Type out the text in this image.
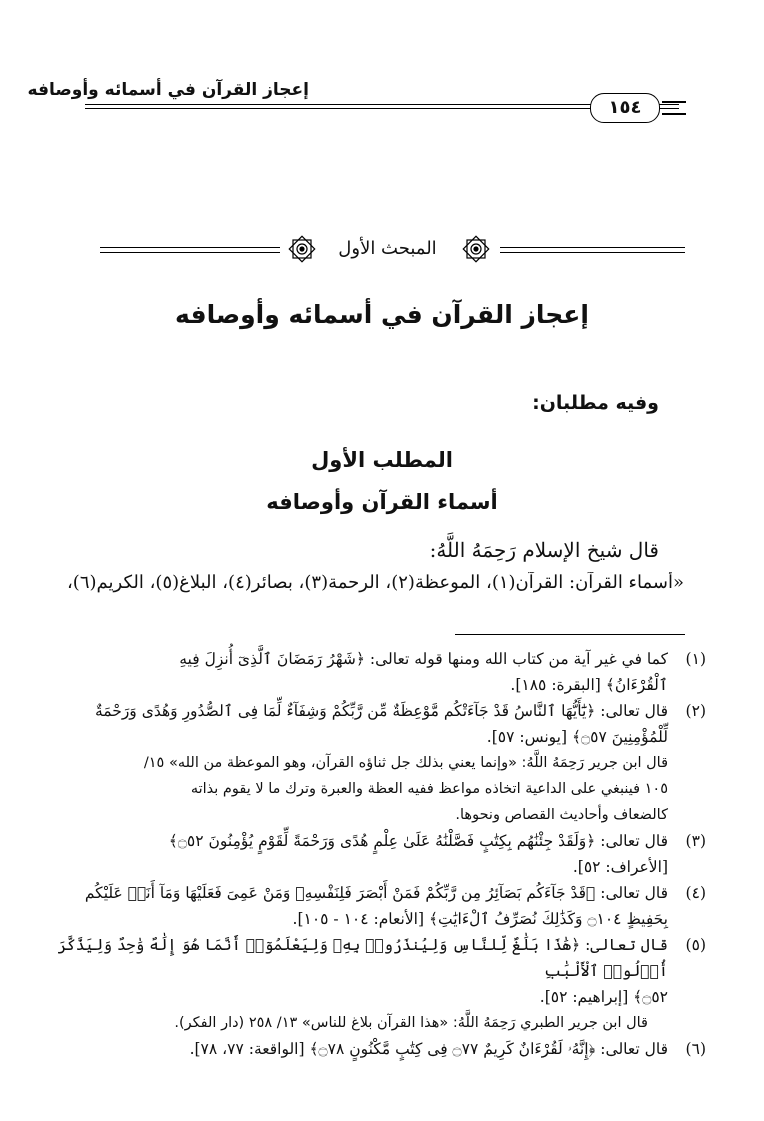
إعجاز القرآن في أسمائه وأوصافه
١٥٤
المبحث الأول
إعجاز القرآن في أسمائه وأوصافه
وفيه مطلبان:
المطلب الأول
أسماء القرآن وأوصافه
قال شيخ الإسلام رَحِمَهُ اللَّهُ:
«أسماء القرآن: القرآن(١)، الموعظة(٢)، الرحمة(٣)، بصائر(٤)، البلاغ(٥)، الكريم(٦)،
(١)
كما في غير آية من كتاب الله ومنها قوله تعالى: ﴿شَهْرُ رَمَضَانَ ٱلَّذِىٓ أُنزِلَ فِيهِ
ٱلْقُرْءَانُ﴾ [البقرة: ١٨٥].
(٢)
قال تعالى: ﴿يَٰٓأَيُّهَا ٱلنَّاسُ قَدْ جَآءَتْكُم مَّوْعِظَةٌ مِّن رَّبِّكُمْ وَشِفَآءٌ لِّمَا فِى ٱلصُّدُورِ وَهُدًى وَرَحْمَةٌ
لِّلْمُؤْمِنِينَ ۝٥٧﴾ [يونس: ٥٧].
قال ابن جرير رَحِمَهُ اللَّهُ: «وإنما يعني بذلك جل ثناؤه القرآن، وهو الموعظة من الله» ١٥/
١٠٥ فينبغي على الداعية اتخاذه مواعظ ففيه العظة والعبرة وترك ما لا يقوم بذاته
كالضعاف وأحاديث القصاص ونحوها.
(٣)
قال تعالى: ﴿وَلَقَدْ جِئْنَٰهُم بِكِتَٰبٍ فَصَّلْنَٰهُ عَلَىٰ عِلْمٍ هُدًى وَرَحْمَةً لِّقَوْمٍ يُؤْمِنُونَ ۝٥٢﴾
[الأعراف: ٥٢].
(٤)
قال تعالى: ﴿قَدْ جَآءَكُم بَصَآئِرُ مِن رَّبِّكُمْ فَمَنْ أَبْصَرَ فَلِنَفْسِهِۦ وَمَنْ عَمِىَ فَعَلَيْهَا وَمَآ أَنَا۠ عَلَيْكُم
بِحَفِيظٍ ۝١٠٤ وَكَذَٰلِكَ نُصَرِّفُ ٱلْءَايَٰتِ﴾ [الأنعام: ١٠٤ - ١٠٥].
(٥)
قال تعالى: ﴿هَٰذَا بَلَٰغٌ لِّلنَّاسِ وَلِيُنذَرُوا۟ بِهِۦ وَلِيَعْلَمُوٓا۟ أَنَّمَا هُوَ إِلَٰهٌ وَٰحِدٌ وَلِيَذَّكَّرَ أُو۟لُوا۟ ٱلْأَلْبَٰبِ
۝٥٢﴾ [إبراهيم: ٥٢].
قال ابن جرير الطبري رَحِمَهُ اللَّهُ: «هذا القرآن بلاغ للناس» ١٣/ ٢٥٨ (دار الفكر).
(٦)
قال تعالى: ﴿إِنَّهُۥ لَقُرْءَانٌ كَرِيمٌ ۝٧٧ فِى كِتَٰبٍ مَّكْنُونٍ ۝٧٨﴾ [الواقعة: ٧٧، ٧٨].
